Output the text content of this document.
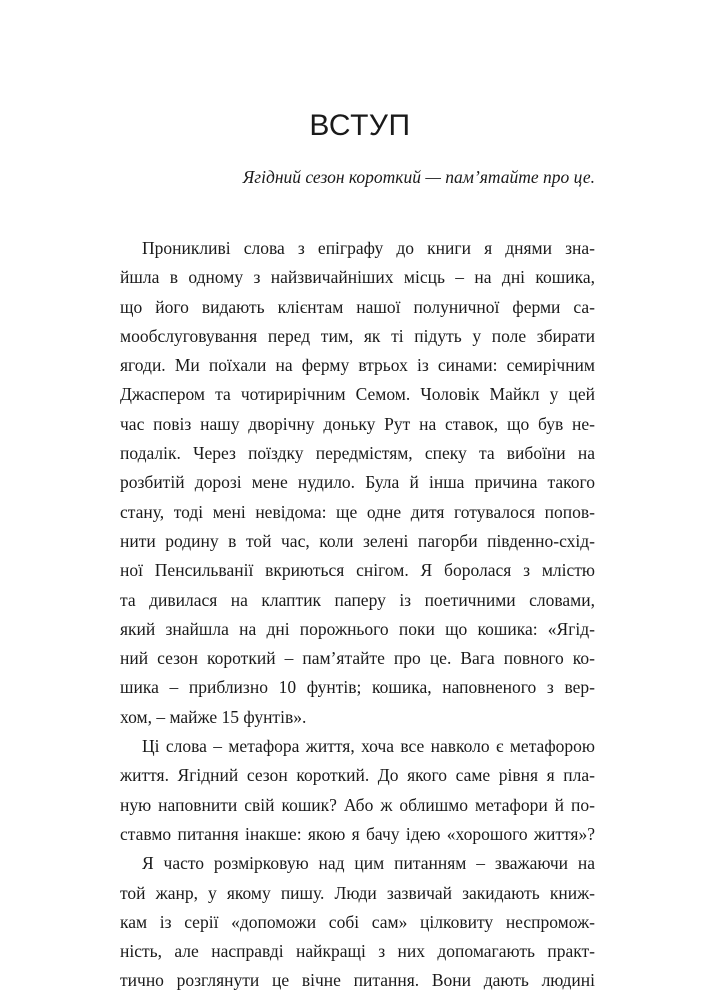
ВСТУП

Ягідний сезон короткий — пам’ятайте про це.

Проникливі слова з епіграфу до книги я днями зна-
йшла в одному з найзвичайніших місць – на дні кошика,
що його видають клієнтам нашої полуничної ферми са-
мообслуговування перед тим, як ті підуть у поле збирати
ягоди. Ми поїхали на ферму втрьох із синами: семирічним
Джаспером та чотирирічним Семом. Чоловік Майкл у цей
час повіз нашу дворічну доньку Рут на ставок, що був не-
подалік. Через поїздку передмістям, спеку та вибоїни на
розбитій дорозі мене нудило. Була й інша причина такого
стану, тоді мені невідома: ще одне дитя готувалося попов-
нити родину в той час, коли зелені пагорби південно-схід-
ної Пенсильванії вкриються снігом. Я боролася з млістю
та дивилася на клаптик паперу із поетичними словами,
який знайшла на дні порожнього поки що кошика: «Ягід-
ний сезон короткий – пам’ятайте про це. Вага повного ко-
шика – приблизно 10 фунтів; кошика, наповненого з вер-
хом, – майже 15 фунтів».
Ці слова – метафора життя, хоча все навколо є метафорою
життя. Ягідний сезон короткий. До якого саме рівня я пла-
ную наповнити свій кошик? Або ж облишмо метафори й по-
ставмо питання інакше: якою я бачу ідею «хорошого життя»?
Я часто розмірковую над цим питанням – зважаючи на
той жанр, у якому пишу. Люди зазвичай закидають книж-
кам із серії «допоможи собі сам» цілковиту неспромож-
ність, але насправді найкращі з них допомагають практ-
тично розглянути це вічне питання. Вони дають людині
